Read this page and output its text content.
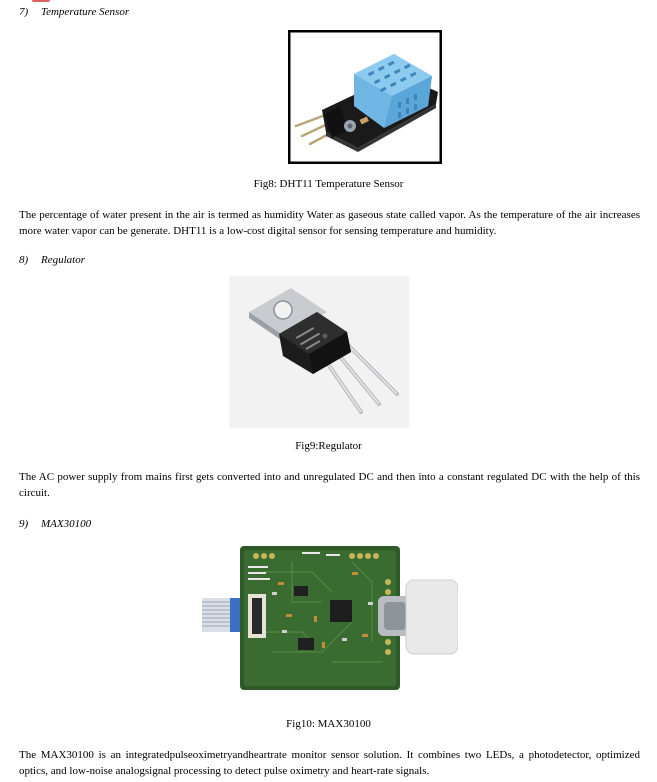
7) Temperature Sensor
Fig8: DHT11 Temperature Sensor
The percentage of water present in the air is termed as humidity Water as gaseous state called vapor. As the temperature of the air increases more water vapor can be generate. DHT11 is a low-cost digital sensor for sensing temperature and humidity.
8) Regulator
Fig9:Regulator
The AC power supply from mains first gets converted into and unregulated DC and then into a constant regulated DC with the help of this circuit.
9) MAX30100
Fig10: MAX30100
The MAX30100 is an integratedpulseoximetryandheartrate monitor sensor solution. It combines two LEDs, a photodetector, optimized optics, and low-noise analogsignal processing to detect pulse oximetry and heart-rate signals.
